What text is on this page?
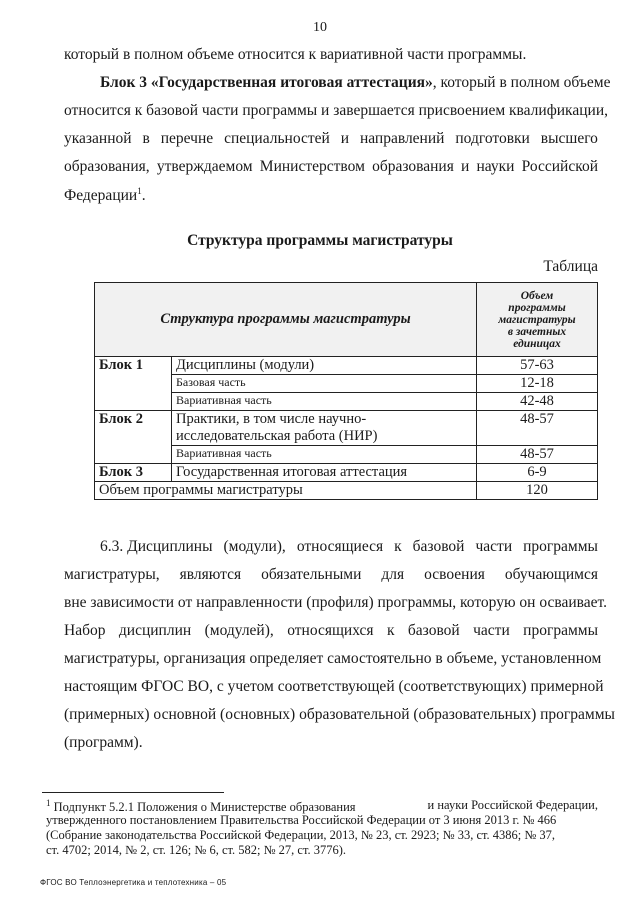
10
который в полном объеме относится к вариативной части программы.
Блок 3 «Государственная итоговая аттестация», который в полном объеме
относится к базовой части программы и завершается присвоением квалификации,
указанной в перечне специальностей и направлений подготовки высшего
образования, утверждаемом Министерством образования и науки Российской
Федерации$^1$.
Структура программы магистратуры
Таблица
Структура программы магистратуры		Объем
программы
магистратуры
в зачетных
единицах

Блок 1	Дисциплины (модули)	57-63
	Базовая часть	12-18
	Вариативная часть	42-48
Блок 2	Практики, в том числе научно-
исследовательская работа (НИР)	48-57
	Вариативная часть	48-57
Блок 3	Государственная итоговая аттестация	6-9
Объем программы магистратуры		120
6.3. Дисциплины (модули), относящиеся к базовой части программы
магистратуры, являются обязательными для освоения обучающимся
вне зависимости от направленности (профиля) программы, которую он осваивает.
Набор дисциплин (модулей), относящихся к базовой части программы
магистратуры, организация определяет самостоятельно в объеме, установленном
настоящим ФГОС ВО, с учетом соответствующей (соответствующих) примерной
(примерных) основной (основных) образовательной (образовательных) программы
(программ).
$^1$ Подпункт 5.2.1 Положения о Министерстве образования	и науки Российской Федерации,
утвержденного постановлением Правительства Российской Федерации от 3 июня 2013 г. № 466
(Собрание законодательства Российской Федерации, 2013, № 23, ст. 2923; № 33, ст. 4386; № 37,
ст. 4702; 2014, № 2, ст. 126; № 6, ст. 582; № 27, ст. 3776).
ФГОС ВО Теплоэнергетика и теплотехника – 05
